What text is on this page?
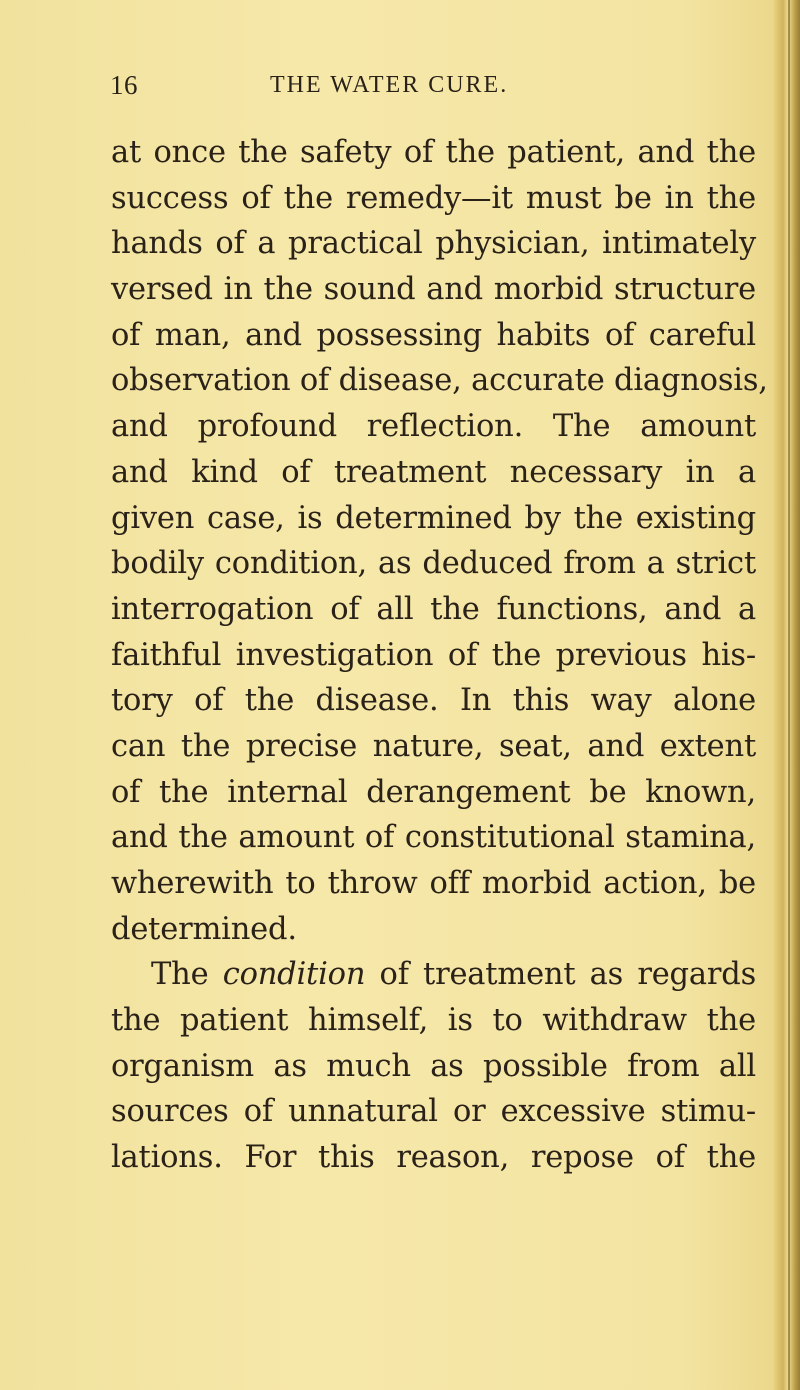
16	THE WATER CURE.
at once the safety of the patient, and the
success of the remedy—it must be in the
hands of a practical physician, intimately
versed in the sound and morbid structure
of man, and possessing habits of careful
observation of disease, accurate diagnosis,
and profound reflection. The amount
and kind of treatment necessary in a
given case, is determined by the existing
bodily condition, as deduced from a strict
interrogation of all the functions, and a
faithful investigation of the previous his-
tory of the disease. In this way alone
can the precise nature, seat, and extent
of the internal derangement be known,
and the amount of constitutional stamina,
wherewith to throw off morbid action, be
determined.
The condition of treatment as regards
the patient himself, is to withdraw the
organism as much as possible from all
sources of unnatural or excessive stimu-
lations. For this reason, repose of the
